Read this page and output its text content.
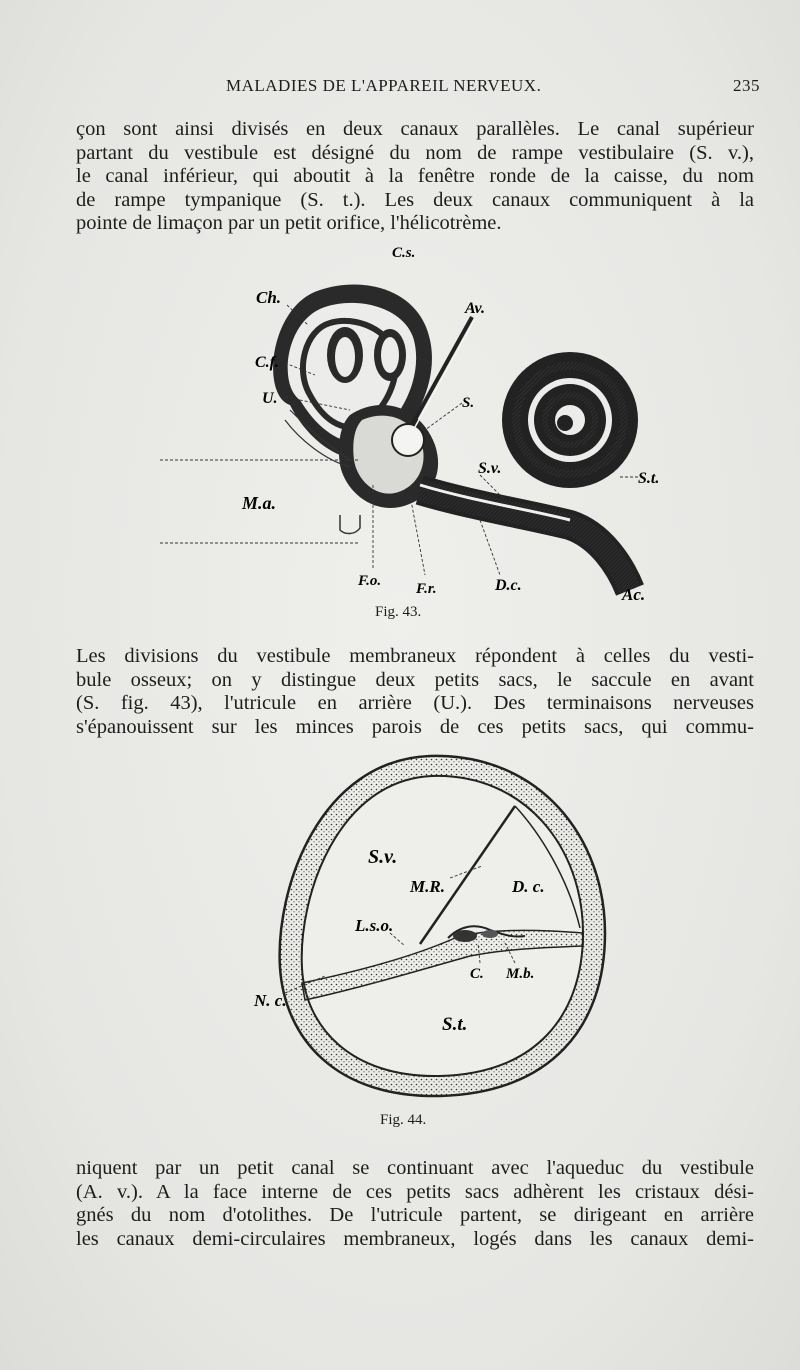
MALADIES DE L'APPAREIL NERVEUX.	235
çon sont ainsi divisés en deux canaux parallèles. Le canal supérieur
partant du vestibule est désigné du nom de rampe vestibulaire (S. v.),
le canal inférieur, qui aboutit à la fenêtre ronde de la caisse, du nom
de rampe tympanique (S. t.). Les deux canaux communiquent à la
pointe de limaçon par un petit orifice, l'hélicotrème.
C.s.
Ch.
Av.
C.f.
U.	S.
S.v.
S.t.
M.a.
F.o. F.r.	D.c.	Ac.
Fig. 43.
Les divisions du vestibule membraneux répondent à celles du vesti-
bule osseux; on y distingue deux petits sacs, le saccule en avant
(S. fig. 43), l'utricule en arrière (U.). Des terminaisons nerveuses
s'épanouissent sur les minces parois de ces petits sacs, qui commu-
S.v.
M.R.	D. c.
L.s.o.
C. M.b.
N. c.
S.t.
Fig. 44.
niquent par un petit canal se continuant avec l'aqueduc du vestibule
(A. v.). A la face interne de ces petits sacs adhèrent les cristaux dési-
gnés du nom d'otolithes. De l'utricule partent, se dirigeant en arrière
les canaux demi-circulaires membraneux, logés dans les canaux demi-
